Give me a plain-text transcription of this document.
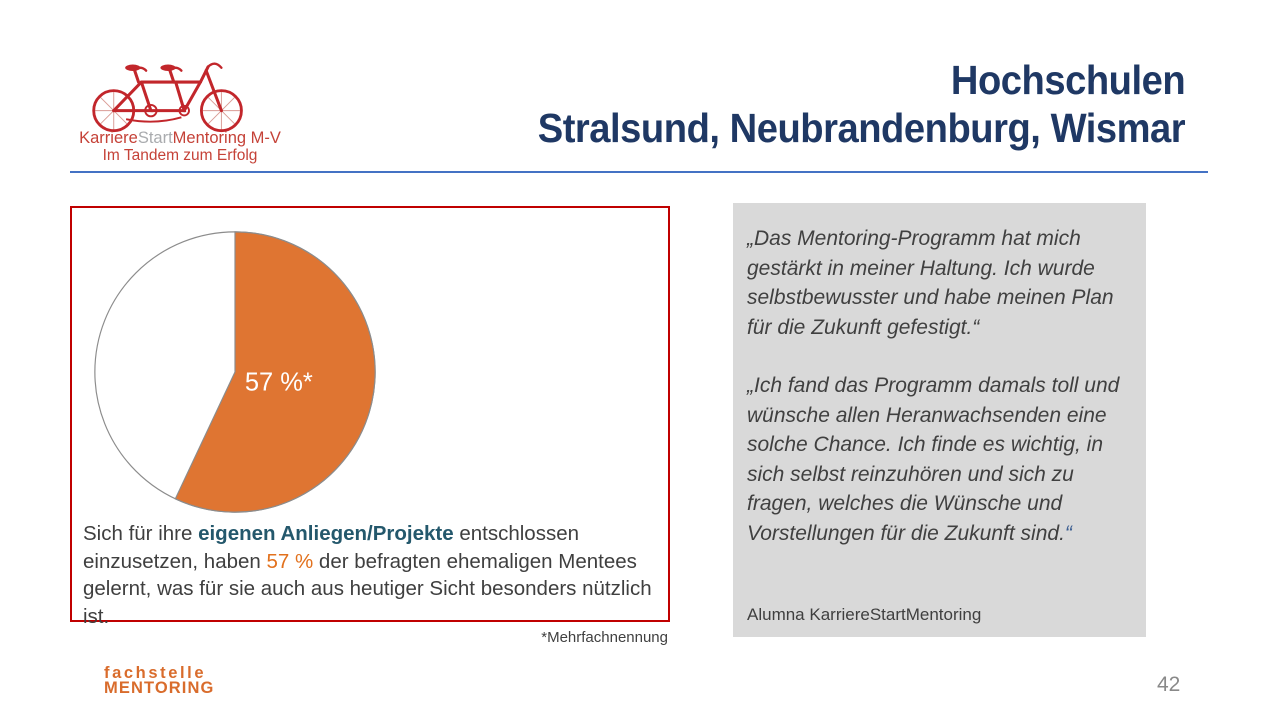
KarriereStartMentoring M-V
Im Tandem zum Erfolg
Hochschulen
Stralsund, Neubrandenburg, Wismar
57 %*
Sich für ihre eigenen Anliegen/Projekte entschlossen einzusetzen, haben 57 % der befragten ehemaligen Mentees gelernt, was für sie auch aus heutiger Sicht besonders nützlich ist.
*Mehrfachnennung

„Das Mentoring-Programm hat mich gestärkt in meiner Haltung. Ich wurde selbstbewusster und habe meinen Plan für die Zukunft gefestigt.“

„Ich fand das Programm damals toll und wünsche allen Heranwachsenden eine solche Chance. Ich finde es wichtig, in sich selbst reinzuhören und sich zu fragen, welches die Wünsche und Vorstellungen für die Zukunft sind.“

Alumna KarriereStartMentoring
fachstelle
MENTORING	42
